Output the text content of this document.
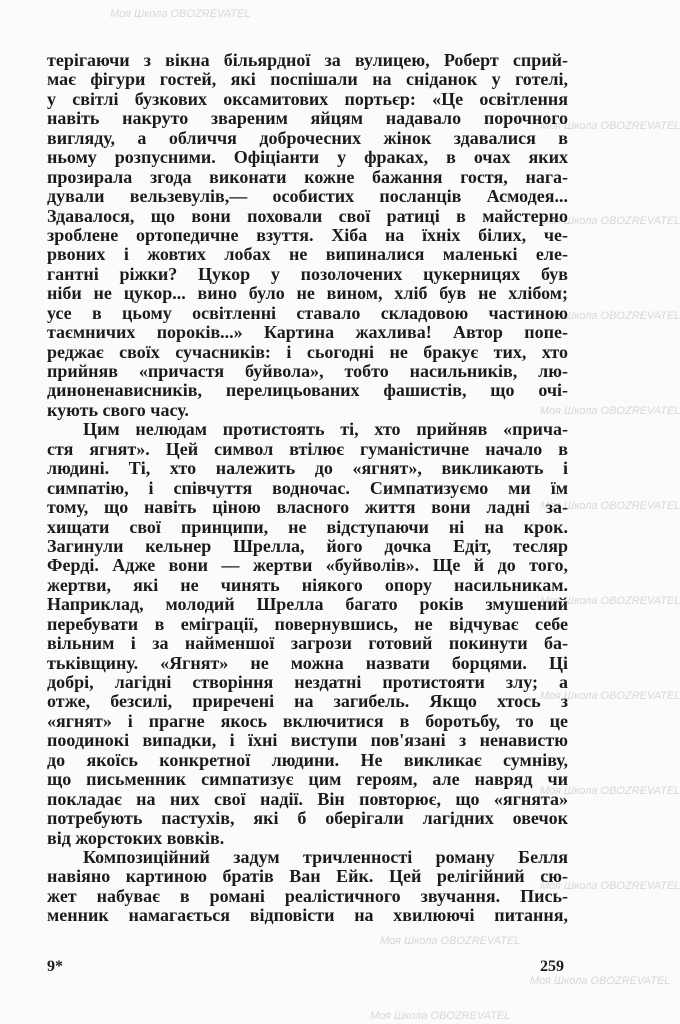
Моя Школа OBOZREVATEL
Моя Школа OBOZREVATEL
Моя Школа OBOZREVATEL
Моя Школа OBOZREVATEL
Моя Школа OBOZREVATEL
Моя Школа OBOZREVATEL
Моя Школа OBOZREVATEL
Моя Школа OBOZREVATEL
Моя Школа OBOZREVATEL
Моя Школа OBOZREVATEL
Моя Школа OBOZREVATEL
Моя Школа OBOZREVATEL
Моя Школа OBOZREVATEL
терігаючи з вікна більярдної за вулицею, Роберт сприй-
має фігури гостей, які поспішали на сніданок у готелі,
у світлі бузкових оксамитових портьєр: «Це освітлення
навіть накруто звареним яйцям надавало порочного
вигляду, а обличчя доброчесних жінок здавалися в
ньому розпусними. Офіціанти у фраках, в очах яких
прозирала згода виконати кожне бажання гостя, нага-
дували вельзевулів,— особистих посланців Асмодея...
Здавалося, що вони поховали свої ратиці в майстерно
зроблене ортопедичне взуття. Хіба на їхніх білих, че-
рвоних і жовтих лобах не випиналися маленькі еле-
гантні ріжки? Цукор у позолочених цукерницях був
ніби не цукор... вино було не вином, хліб був не хлібом;
усе в цьому освітленні ставало складовою частиною
таємничих пороків...» Картина жахлива! Автор попе-
реджає своїх сучасників: і сьогодні не бракує тих, хто
прийняв «причастя буйвола», тобто насильників, лю-
диноненависників, перелицьованих фашистів, що очі-
кують свого часу.
Цим нелюдам протистоять ті, хто прийняв «прича-
стя ягнят». Цей символ втілює гуманістичне начало в
людині. Ті, хто належить до «ягнят», викликають і
симпатію, і співчуття водночас. Симпатизуємо ми їм
тому, що навіть ціною власного життя вони ладні за-
хищати свої принципи, не відступаючи ні на крок.
Загинули кельнер Шрелла, його дочка Едіт, тесляр
Ферді. Адже вони — жертви «буйволів». Ще й до того,
жертви, які не чинять ніякого опору насильникам.
Наприклад, молодий Шрелла багато років змушений
перебувати в еміграції, повернувшись, не відчуває себе
вільним і за найменшої загрози готовий покинути ба-
тьківщину. «Ягнят» не можна назвати борцями. Ці
добрі, лагідні створіння нездатні протистояти злу; а
отже, безсилі, приречені на загибель. Якщо хтось з
«ягнят» і прагне якось включитися в боротьбу, то це
поодинокі випадки, і їхні виступи пов'язані з ненавистю
до якоїсь конкретної людини. Не викликає сумніву,
що письменник симпатизує цим героям, але навряд чи
покладає на них свої надії. Він повторює, що «ягнята»
потребують пастухів, які б оберігали лагідних овечок
від жорстоких вовків.
Композиційний задум тричленності роману Белля
навіяно картиною братів Ван Ейк. Цей релігійний сю-
жет набуває в романі реалістичного звучання. Пись-
менник намагається відповісти на хвилюючі питання,
9*	259
